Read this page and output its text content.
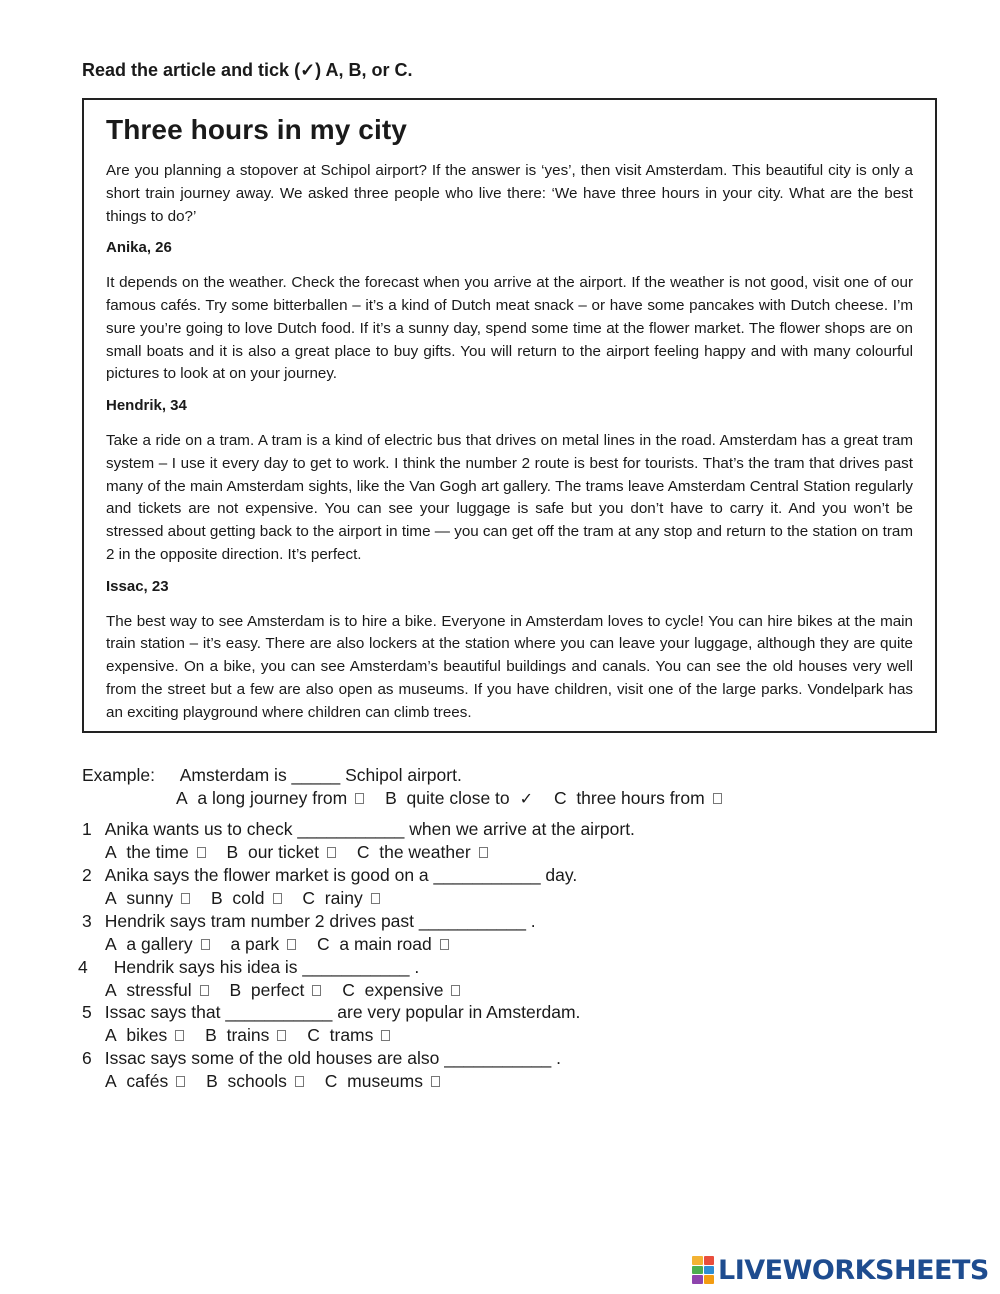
Read the article and tick (✓) A, B, or C.
Three hours in my city

Are you planning a stopover at Schipol airport? If the answer is ‘yes’, then visit Amsterdam. This beautiful city is only a short train journey away. We asked three people who live there: ‘We have three hours in your city. What are the best things to do?’

Anika, 26

It depends on the weather. Check the forecast when you arrive at the airport. If the weather is not good, visit one of our famous cafés. Try some bitterballen – it’s a kind of Dutch meat snack – or have some pancakes with Dutch cheese. I’m sure you’re going to love Dutch food. If it’s a sunny day, spend some time at the flower market. The flower shops are on small boats and it is also a great place to buy gifts. You will return to the airport feeling happy and with many colourful pictures to look at on your journey.

Hendrik, 34

Take a ride on a tram. A tram is a kind of electric bus that drives on metal lines in the road. Amsterdam has a great tram system – I use it every day to get to work. I think the number 2 route is best for tourists. That’s the tram that drives past many of the main Amsterdam sights, like the Van Gogh art gallery. The trams leave Amsterdam Central Station regularly and tickets are not expensive. You can see your luggage is safe but you don’t have to carry it. And you won’t be stressed about getting back to the airport in time — you can get off the tram at any stop and return to the station on tram 2 in the opposite direction. It’s perfect.

Issac, 23

The best way to see Amsterdam is to hire a bike. Everyone in Amsterdam loves to cycle! You can hire bikes at the main train station – it’s easy. There are also lockers at the station where you can leave your luggage, although they are quite expensive. On a bike, you can see Amsterdam’s beautiful buildings and canals. You can see the old houses very well from the street but a few are also open as museums. If you have children, visit one of the large parks. Vondelpark has an exciting playground where children can climb trees.

Example: Amsterdam is _____ Schipol airport.
A a long journey from B quite close to ✓ C three hours from
1 Anika wants us to check ___________ when we arrive at the airport.
A the time B our ticket C the weather
2 Anika says the flower market is good on a ___________ day.
A sunny B cold C rainy
3 Hendrik says tram number 2 drives past ___________ .
A a gallery a park C a main road
4 Hendrik says his idea is ___________ .
A stressful B perfect C expensive
5 Issac says that ___________ are very popular in Amsterdam.
A bikes B trains C trams
6 Issac says some of the old houses are also ___________ .
A cafés B schools C museums
LIVEWORKSHEETS
